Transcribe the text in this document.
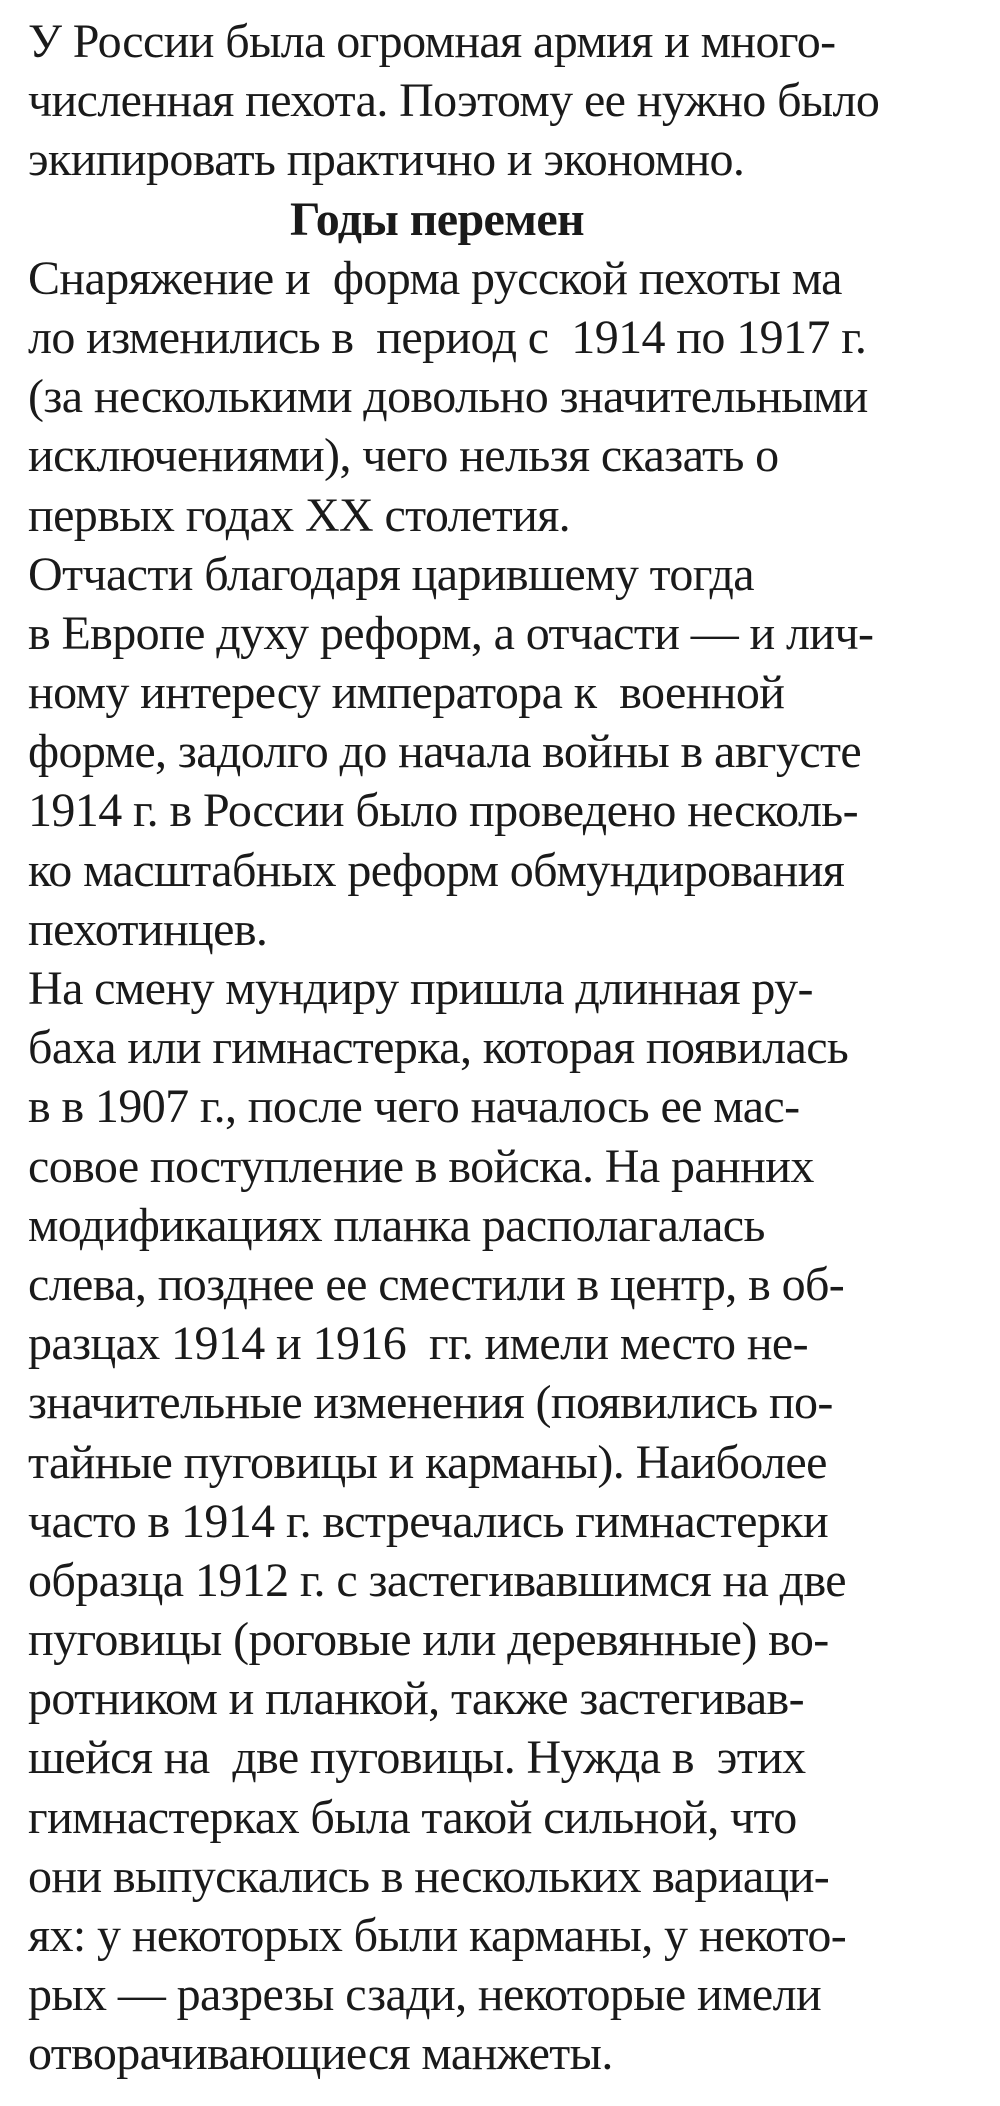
У России была огромная армия и много-
численная пехота. Поэтому ее нужно было
экипировать практично и экономно.
Годы перемен
Снаряжение и  форма русской пехоты ма
ло изменились в  период с  1914 по 1917 г.
(за несколькими довольно значительными
исключениями), чего нельзя сказать о
первых годах ХХ столетия.
Отчасти благодаря царившему тогда
в Европе духу реформ, а отчасти — и лич-
ному интересу императора к  военной
форме, задолго до начала войны в августе
1914 г. в России было проведено несколь-
ко масштабных реформ обмундирования
пехотинцев.
На смену мундиру пришла длинная ру-
баха или гимнастерка, которая появилась
в в 1907 г., после чего началось ее мас-
совое поступление в войска. На ранних
модификациях планка располагалась
слева, позднее ее сместили в центр, в об-
разцах 1914 и 1916  гг. имели место не-
значительные изменения (появились по-
тайные пуговицы и карманы). Наиболее
часто в 1914 г. встречались гимнастерки
образца 1912 г. с застегивавшимся на две
пуговицы (роговые или деревянные) во-
ротником и планкой, также застегивав-
шейся на  две пуговицы. Нужда в  этих
гимнастерках была такой сильной, что
они выпускались в нескольких вариаци-
ях: у некоторых были карманы, у некото-
рых — разрезы сзади, некоторые имели
отворачивающиеся манжеты.
